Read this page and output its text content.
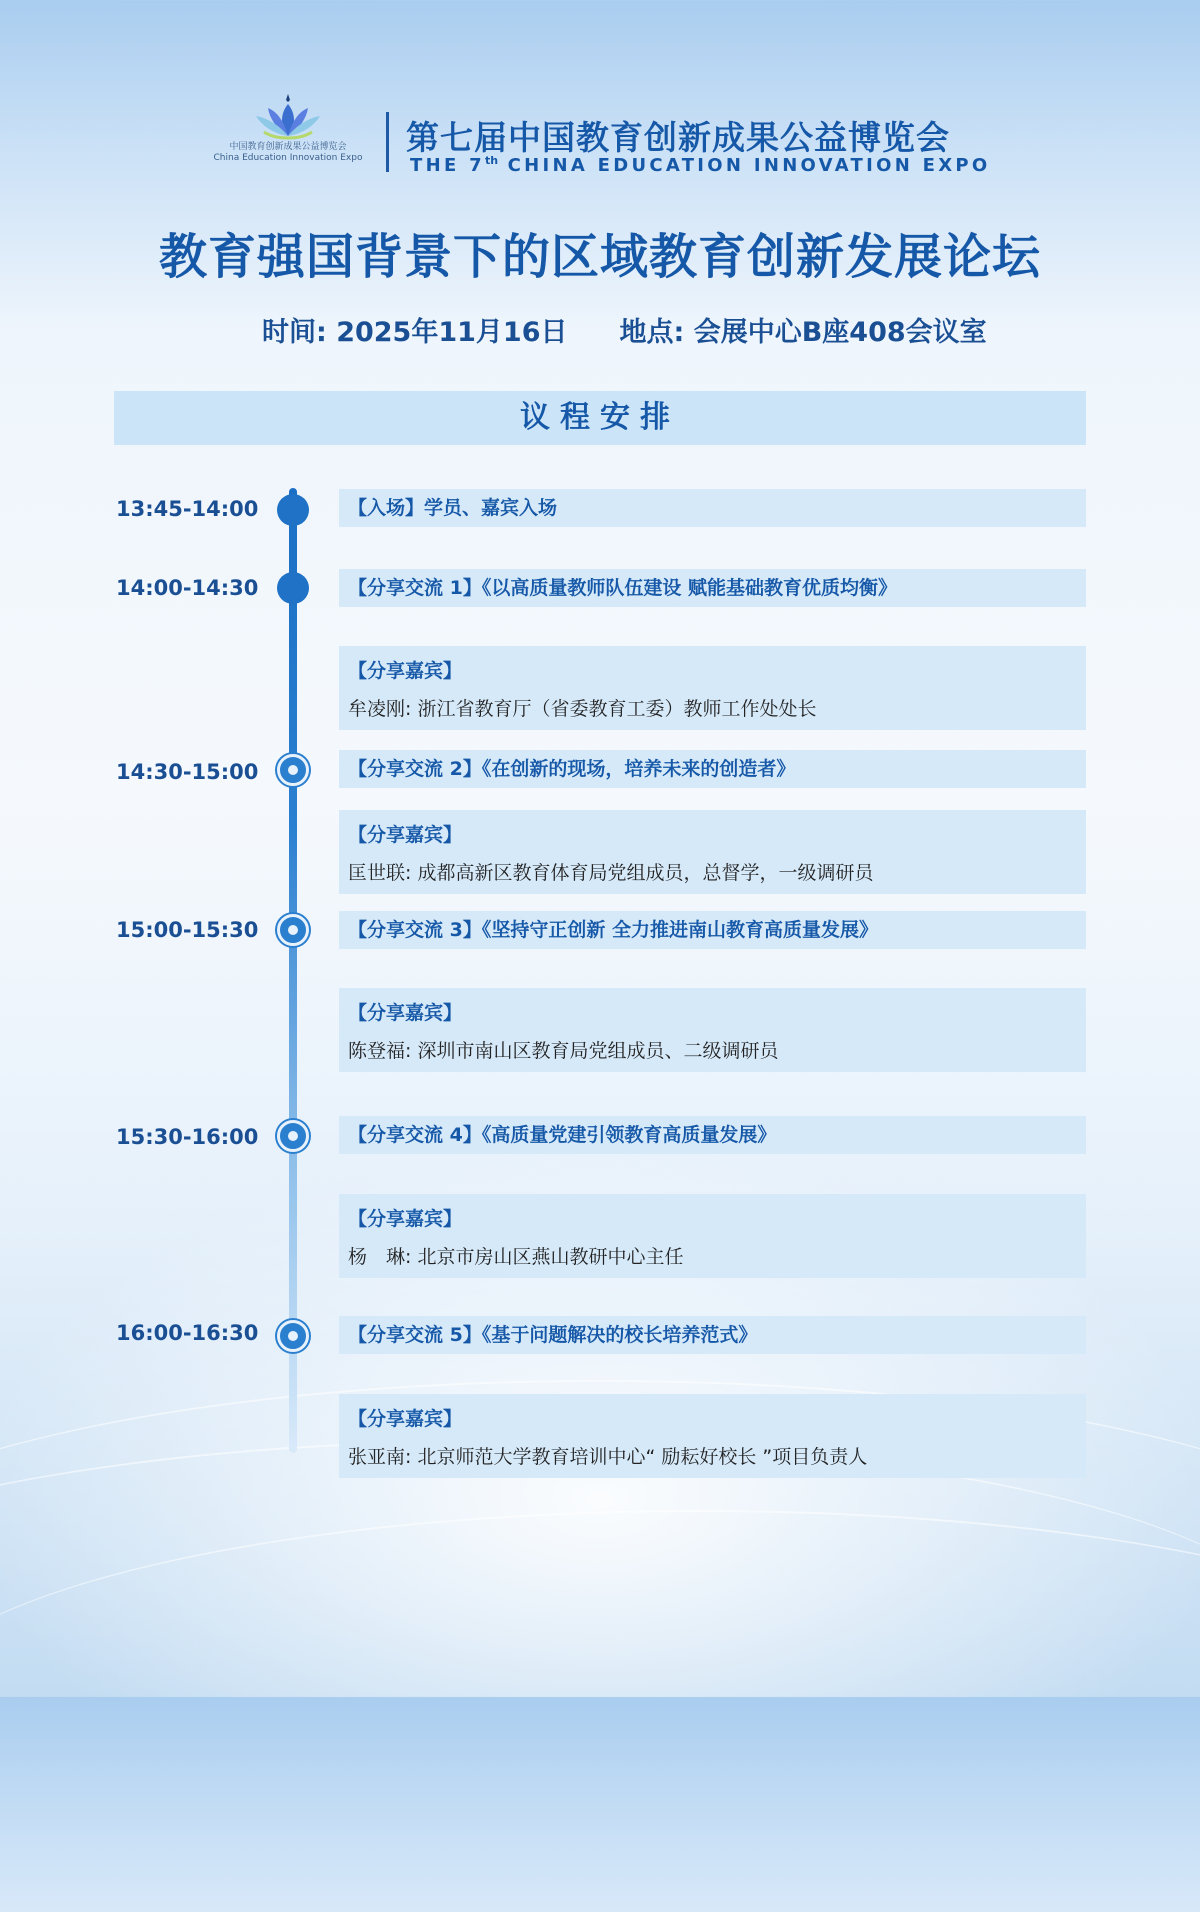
中国教育创新成果公益博览会
China Education Innovation Expo
第七届中国教育创新成果公益博览会
THE 7th CHINA EDUCATION INNOVATION EXPO
教育强国背景下的区域教育创新发展论坛
时间: 2025年11月16日 地点: 会展中心B座408会议室
议程安排
13:45-14:00	【入场】学员、嘉宾入场
14:00-14:30	【分享交流 1】《以高质量教师队伍建设 赋能基础教育优质均衡》
【分享嘉宾】
牟凌刚: 浙江省教育厅（省委教育工委）教师工作处处长
14:30-15:00	【分享交流 2】《在创新的现场，培养未来的创造者》
【分享嘉宾】
匡世联: 成都高新区教育体育局党组成员，总督学，一级调研员
15:00-15:30	【分享交流 3】《坚持守正创新 全力推进南山教育高质量发展》
【分享嘉宾】
陈登福: 深圳市南山区教育局党组成员、二级调研员
15:30-16:00	【分享交流 4】《高质量党建引领教育高质量发展》
【分享嘉宾】
杨　琳: 北京市房山区燕山教研中心主任
16:00-16:30	【分享交流 5】《基于问题解决的校长培养范式》
【分享嘉宾】
张亚南: 北京师范大学教育培训中心“ 励耘好校长 ”项目负责人
